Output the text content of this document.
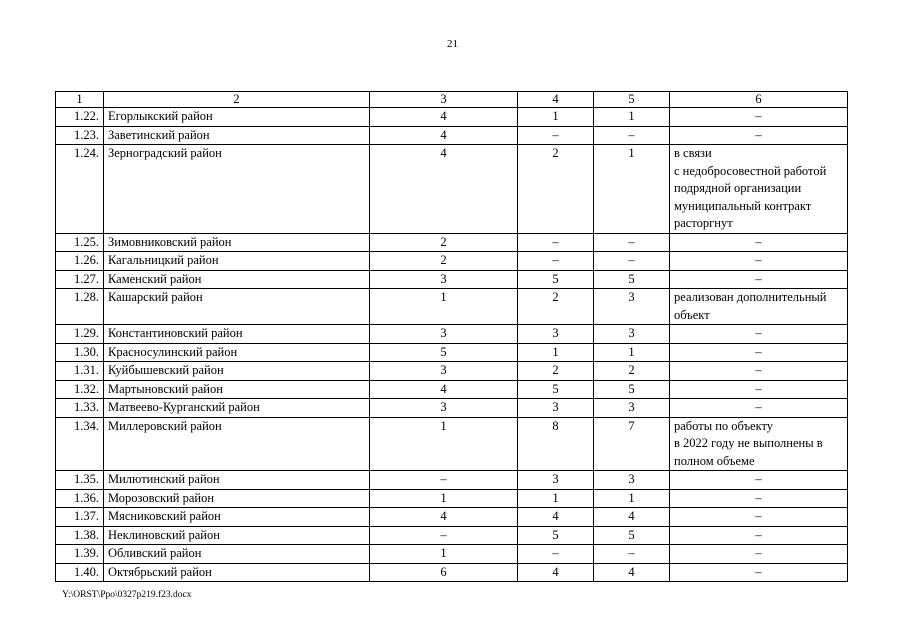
21
1	2	3	4	5	6
1.22.	Егорлыкский район	4	1	1	–
1.23.	Заветинский район	4	–	–	–
1.24.	Зерноградский район	4	2	1	в связи
с недобросовестной работой подрядной организации муниципальный контракт расторгнут
1.25.	Зимовниковский район	2	–	–	–
1.26.	Кагальницкий район	2	–	–	–
1.27.	Каменский район	3	5	5	–
1.28.	Кашарский район	1	2	3	реализован дополнительный объект
1.29.	Константиновский район	3	3	3	–
1.30.	Красносулинский район	5	1	1	–
1.31.	Куйбышевский район	3	2	2	–
1.32.	Мартыновский район	4	5	5	–
1.33.	Матвеево-Курганский район	3	3	3	–
1.34.	Миллеровский район	1	8	7	работы по объекту
в 2022 году не выполнены в полном объеме
1.35.	Милютинский район	–	3	3	–
1.36.	Морозовский район	1	1	1	–
1.37.	Мясниковский район	4	4	4	–
1.38.	Неклиновский район	–	5	5	–
1.39.	Обливский район	1	–	–	–
1.40.	Октябрьский район	6	4	4	–
Y:\ORST\Ppo\0327p219.f23.docx
